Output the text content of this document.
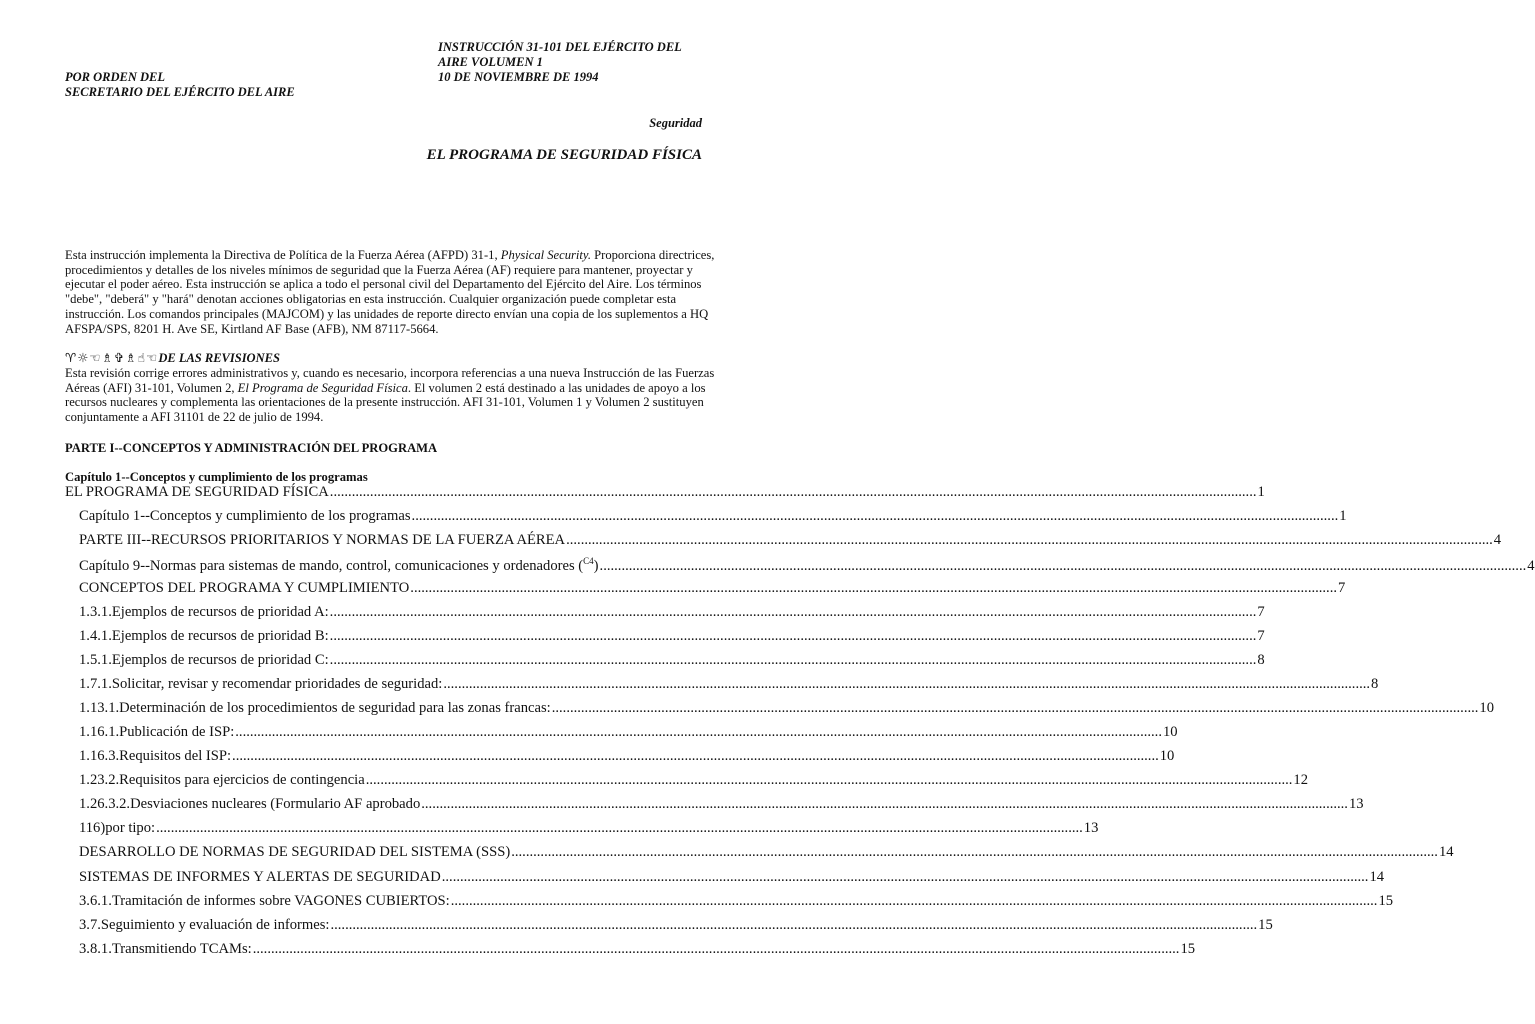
POR ORDEN DEL
SECRETARIO DEL EJÉRCITO DEL AIRE
INSTRUCCIÓN 31-101 DEL EJÉRCITO DEL
AIRE VOLUMEN 1
10 DE NOVIEMBRE DE 1994
Seguridad
EL PROGRAMA DE SEGURIDAD FÍSICA
Esta instrucción implementa la Directiva de Política de la Fuerza Aérea (AFPD) 31-1, Physical Security. Proporciona directrices, procedimientos y detalles de los niveles mínimos de seguridad que la Fuerza Aérea (AF) requiere para mantener, proyectar y ejecutar el poder aéreo. Esta instrucción se aplica a todo el personal civil del Departamento del Ejército del Aire. Los términos "debe", "deberá" y "hará" denotan acciones obligatorias en esta instrucción. Cualquier organización puede completar esta instrucción. Los comandos principales (MAJCOM) y las unidades de reporte directo envían una copia de los suplementos a HQ AFSPA/SPS, 8201 H. Ave SE, Kirtland AF Base (AFB), NM 87117-5664.
♈☼☜♗✞♗☝☜DE LAS REVISIONES
Esta revisión corrige errores administrativos y, cuando es necesario, incorpora referencias a una nueva Instrucción de las Fuerzas Aéreas (AFI) 31-101, Volumen 2, El Programa de Seguridad Física. El volumen 2 está destinado a las unidades de apoyo a los recursos nucleares y complementa las orientaciones de la presente instrucción. AFI 31-101, Volumen 1 y Volumen 2 sustituyen conjuntamente a AFI 31101 de 22 de julio de 1994.
PARTE I--CONCEPTOS Y ADMINISTRACIÓN DEL PROGRAMA
Capítulo 1--Conceptos y cumplimiento de los programas
EL PROGRAMA DE SEGURIDAD FÍSICA .....	1
Capítulo 1--Conceptos y cumplimiento de los programas .....	1
PARTE III--RECURSOS PRIORITARIOS Y NORMAS DE LA FUERZA AÉREA .....	4
Capítulo 9--Normas para sistemas de mando, control, comunicaciones y ordenadores ($^{C4}$) .....	4
CONCEPTOS DEL PROGRAMA Y CUMPLIMIENTO .....	7
1.3.1. Ejemplos de recursos de prioridad A: .....	7
1.4.1. Ejemplos de recursos de prioridad B: .....	7
1.5.1. Ejemplos de recursos de prioridad C: .....	8
1.7.1. Solicitar, revisar y recomendar prioridades de seguridad: .....	8
1.13.1. Determinación de los procedimientos de seguridad para las zonas francas: .....	10
1.16.1. Publicación de ISP: .....	10
1.16.3. Requisitos del ISP: .....	10
1.23.2. Requisitos para ejercicios de contingencia .....	12
1.26.3.2. Desviaciones nucleares (Formulario AF aprobado .....	13
116) por tipo: .....	13
DESARROLLO DE NORMAS DE SEGURIDAD DEL SISTEMA (SSS) .....	14
SISTEMAS DE INFORMES Y ALERTAS DE SEGURIDAD .....	14
3.6.1. Tramitación de informes sobre VAGONES CUBIERTOS: .....	15
3.7. Seguimiento y evaluación de informes: .....	15
3.8.1. Transmitiendo TCAMs: .....	15
